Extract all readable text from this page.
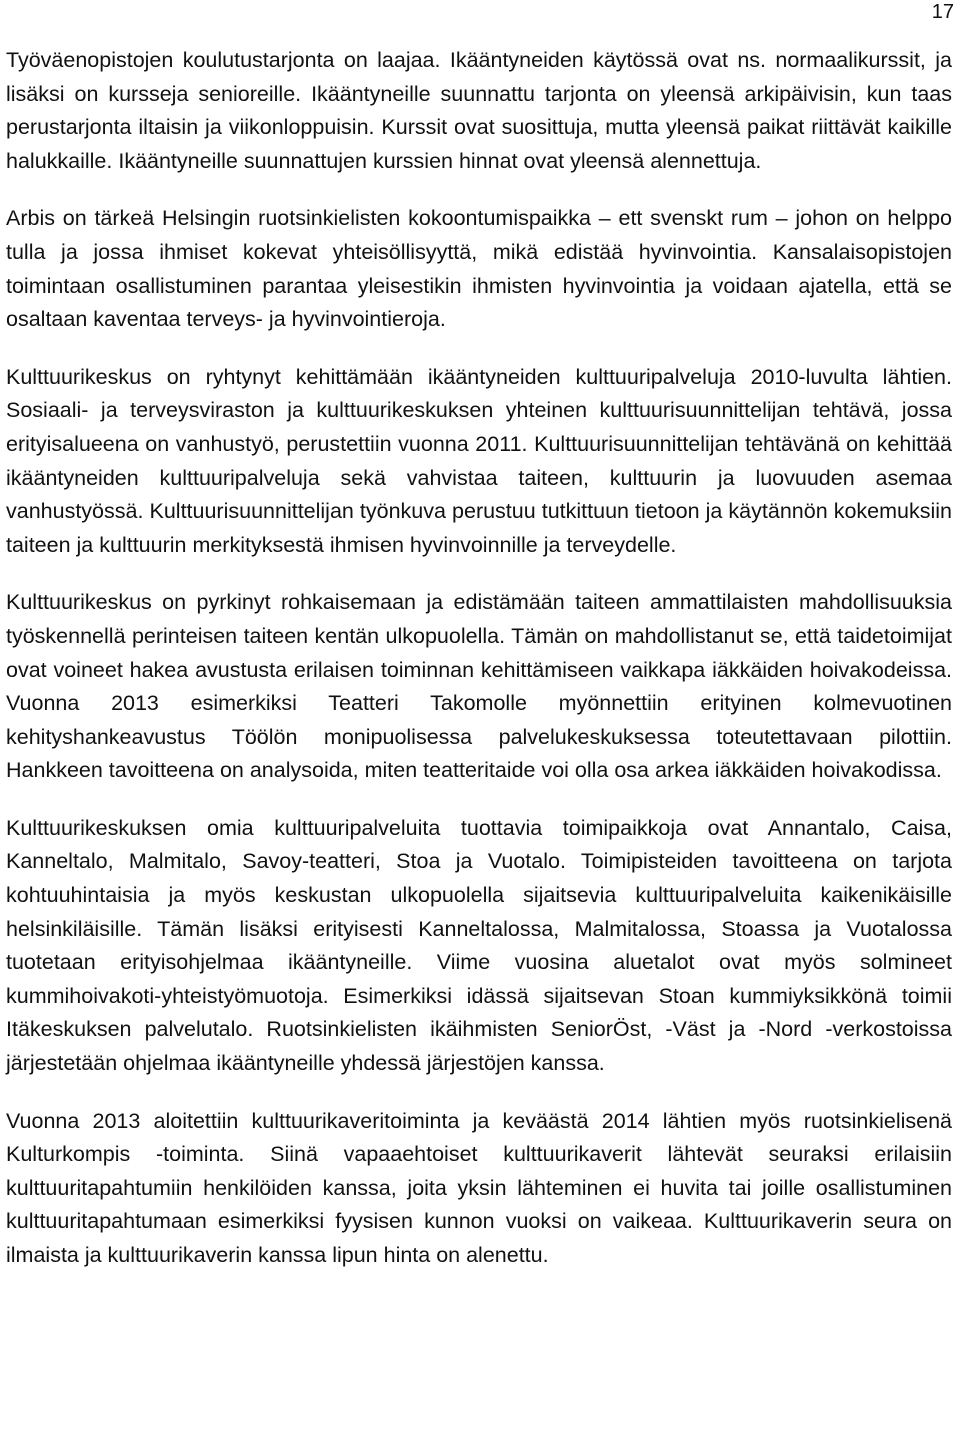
17

Työväenopistojen koulutustarjonta on laajaa. Ikääntyneiden käytössä ovat ns. normaalikurssit, ja lisäksi on kursseja senioreille. Ikääntyneille suunnattu tarjonta on yleensä arkipäivisin, kun taas perustarjonta iltaisin ja viikonloppuisin. Kurssit ovat suosittuja, mutta yleensä paikat riittävät kaikille halukkaille. Ikääntyneille suunnattujen kurssien hinnat ovat yleensä alennettuja.

Arbis on tärkeä Helsingin ruotsinkielisten kokoontumispaikka – ett svenskt rum – johon on helppo tulla ja jossa ihmiset kokevat yhteisöllisyyttä, mikä edistää hyvinvointia. Kansalaisopistojen toimintaan osallistuminen parantaa yleisestikin ihmisten hyvinvointia ja voidaan ajatella, että se osaltaan kaventaa terveys- ja hyvinvointieroja.

Kulttuurikeskus on ryhtynyt kehittämään ikääntyneiden kulttuuripalveluja 2010-luvulta lähtien. Sosiaali- ja terveysviraston ja kulttuurikeskuksen yhteinen kulttuurisuunnittelijan tehtävä, jossa erityisalueena on vanhustyö, perustettiin vuonna 2011. Kulttuurisuunnittelijan tehtävänä on kehittää ikääntyneiden kulttuuripalveluja sekä vahvistaa taiteen, kulttuurin ja luovuuden asemaa vanhustyössä. Kulttuurisuunnittelijan työnkuva perustuu tutkittuun tietoon ja käytännön kokemuksiin taiteen ja kulttuurin merkityksestä ihmisen hyvinvoinnille ja terveydelle.

Kulttuurikeskus on pyrkinyt rohkaisemaan ja edistämään taiteen ammattilaisten mahdollisuuksia työskennellä perinteisen taiteen kentän ulkopuolella. Tämän on mahdollistanut se, että taidetoimijat ovat voineet hakea avustusta erilaisen toiminnan kehittämiseen vaikkapa iäkkäiden hoivakodeissa. Vuonna 2013 esimerkiksi Teatteri Takomolle myönnettiin erityinen kolmevuotinen kehityshankeavustus Töölön monipuolisessa palvelukeskuksessa toteutettavaan pilottiin. Hankkeen tavoitteena on analysoida, miten teatteritaide voi olla osa arkea iäkkäiden hoivakodissa.

Kulttuurikeskuksen omia kulttuuripalveluita tuottavia toimipaikkoja ovat Annantalo, Caisa, Kanneltalo, Malmitalo, Savoy-teatteri, Stoa ja Vuotalo. Toimipisteiden tavoitteena on tarjota kohtuuhintaisia ja myös keskustan ulkopuolella sijaitsevia kulttuuripalveluita kaikenikäisille helsinkiläisille. Tämän lisäksi erityisesti Kanneltalossa, Malmitalossa, Stoassa ja Vuotalossa tuotetaan erityisohjelmaa ikääntyneille. Viime vuosina aluetalot ovat myös solmineet kummihoivakoti-yhteistyömuotoja. Esimerkiksi idässä sijaitsevan Stoan kummiyksikkönä toimii Itäkeskuksen palvelutalo. Ruotsinkielisten ikäihmisten SeniorÖst, -Väst ja -Nord -verkostoissa järjestetään ohjelmaa ikääntyneille yhdessä järjestöjen kanssa.

Vuonna 2013 aloitettiin kulttuurikaveritoiminta ja keväästä 2014 lähtien myös ruotsinkielisenä Kulturkompis -toiminta. Siinä vapaaehtoiset kulttuurikaverit lähtevät seuraksi erilaisiin kulttuuritapahtumiin henkilöiden kanssa, joita yksin lähteminen ei huvita tai joille osallistuminen kulttuuritapahtumaan esimerkiksi fyysisen kunnon vuoksi on vaikeaa. Kulttuurikaverin seura on ilmaista ja kulttuurikaverin kanssa lipun hinta on alenettu.
